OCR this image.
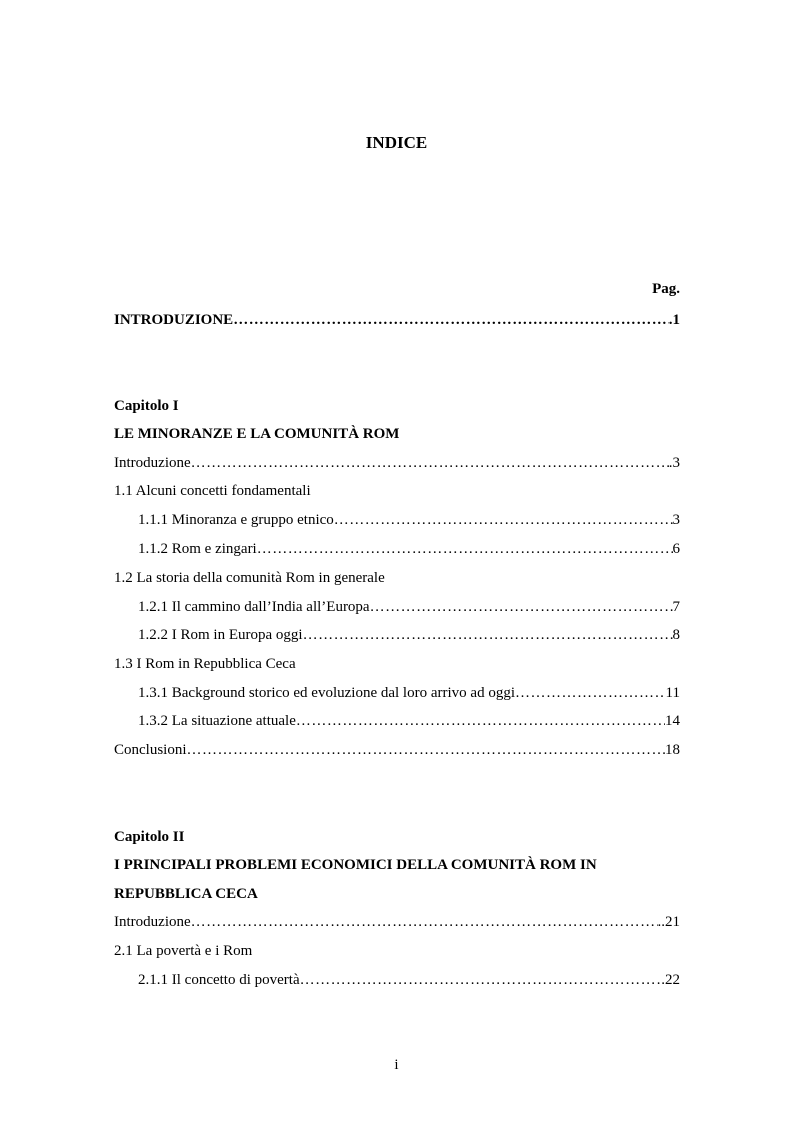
INDICE
Pag.
INTRODUZIONE …………………………………………………………………………………………………………………………………………………………………………………………	.1
Capitolo I
LE MINORANZE E LA COMUNITÀ ROM
Introduzione …………………………………………………………………………………………………………………………………………………………………………………………	.3
1.1 Alcuni concetti fondamentali
1.1.1 Minoranza e gruppo etnico …………………………………………………………………………………………………………………………………………………………………………………………	3
1.1.2 Rom e zingari …………………………………………………………………………………………………………………………………………………………………………………………	6
1.2 La storia della comunità Rom in generale
1.2.1 Il cammino dall’India all’Europa …………………………………………………………………………………………………………………………………………………………………………………………	7
1.2.2 I Rom in Europa oggi …………………………………………………………………………………………………………………………………………………………………………………………	8
1.3 I Rom in Repubblica Ceca
1.3.1 Background storico ed evoluzione dal loro arrivo ad oggi …………………………………………………………………………………………………………………………………………………………………………………………	11
1.3.2 La situazione attuale …………………………………………………………………………………………………………………………………………………………………………………………	14
Conclusioni …………………………………………………………………………………………………………………………………………………………………………………………	18
Capitolo II
I PRINCIPALI PROBLEMI ECONOMICI DELLA COMUNITÀ ROM IN
REPUBBLICA CECA
Introduzione …………………………………………………………………………………………………………………………………………………………………………………………	..21
2.1 La povertà e i Rom
2.1.1 Il concetto di povertà …………………………………………………………………………………………………………………………………………………………………………………………	.22
i
